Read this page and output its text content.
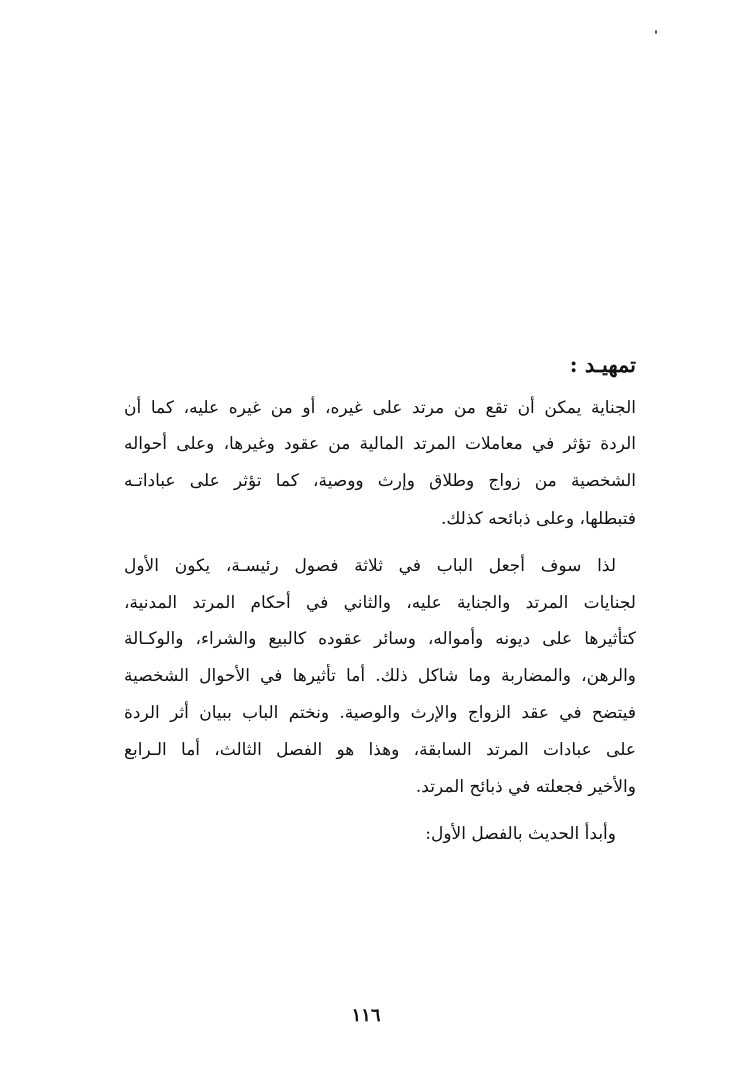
تمهيـد :
الجناية يمكن أن تقع من مرتد على غيره، أو من غيره عليه، كما أن
الردة تؤثر في معاملات المرتد المالية من عقود وغيرها، وعلى أحواله
الشخصية من زواج وطلاق وإرث ووصية، كما تؤثر على عباداتـه
فتبطلها، وعلى ذبائحه كذلك.
لذا سوف أجعل الباب في ثلاثة فصول رئيسـة، يكون الأول
لجنايات المرتد والجناية عليه، والثاني في أحكام المرتد المدنية،
كتأثيرها على ديونه وأمواله، وسائر عقوده كالبيع والشراء، والوكـالة
والرهن، والمضاربة وما شاكل ذلك. أما تأثيرها في الأحوال الشخصية
فيتضح في عقد الزواج والإرث والوصية. ونختم الباب ببيان أثر الردة
على عبادات المرتد السابقة، وهذا هو الفصل الثالث، أما الـرابع
والأخير فجعلته في ذبائح المرتد.
وأبدأ الحديث بالفصل الأول:
١١٦
